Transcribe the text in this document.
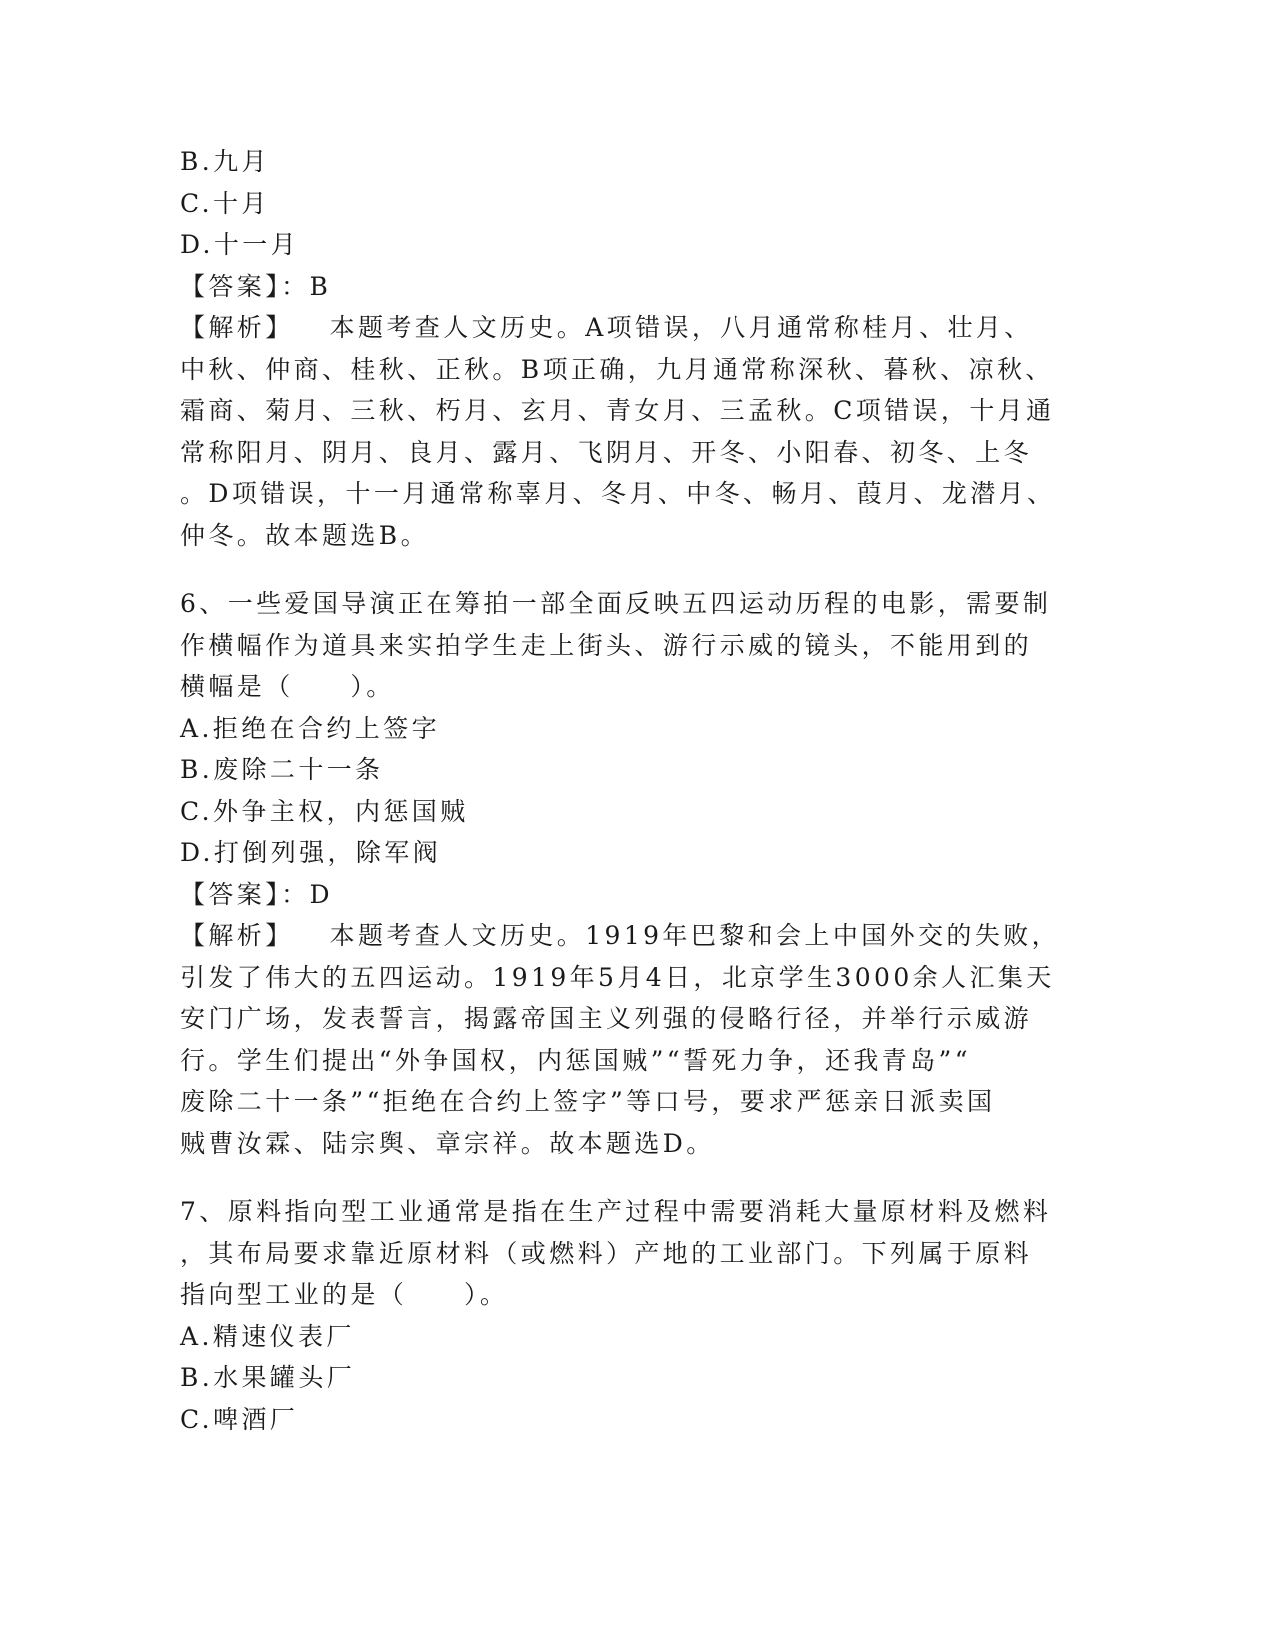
B.九月
C.十月
D.十一月
【答案】：B
【解析】 本题考查人文历史。A项错误，八月通常称桂月、壮月、
中秋、仲商、桂秋、正秋。B项正确，九月通常称深秋、暮秋、凉秋、
霜商、菊月、三秋、朽月、玄月、青女月、三孟秋。C项错误，十月通
常称阳月、阴月、良月、露月、飞阴月、开冬、小阳春、初冬、上冬
。D项错误，十一月通常称辜月、冬月、中冬、畅月、葭月、龙潜月、
仲冬。故本题选B。
6、一些爱国导演正在筹拍一部全面反映五四运动历程的电影，需要制
作横幅作为道具来实拍学生走上街头、游行示威的镜头，不能用到的
横幅是（　　）。
A.拒绝在合约上签字
B.废除二十一条
C.外争主权，内惩国贼
D.打倒列强，除军阀
【答案】：D
【解析】 本题考查人文历史。1919年巴黎和会上中国外交的失败，
引发了伟大的五四运动。1919年5月4日，北京学生3000余人汇集天
安门广场，发表誓言，揭露帝国主义列强的侵略行径，并举行示威游
行。学生们提出“外争国权，内惩国贼”“誓死力争，还我青岛”“
废除二十一条”“拒绝在合约上签字”等口号，要求严惩亲日派卖国
贼曹汝霖、陆宗舆、章宗祥。故本题选D。
7、原料指向型工业通常是指在生产过程中需要消耗大量原材料及燃料
，其布局要求靠近原材料（或燃料）产地的工业部门。下列属于原料
指向型工业的是（　　）。
A.精速仪表厂
B.水果罐头厂
C.啤酒厂
